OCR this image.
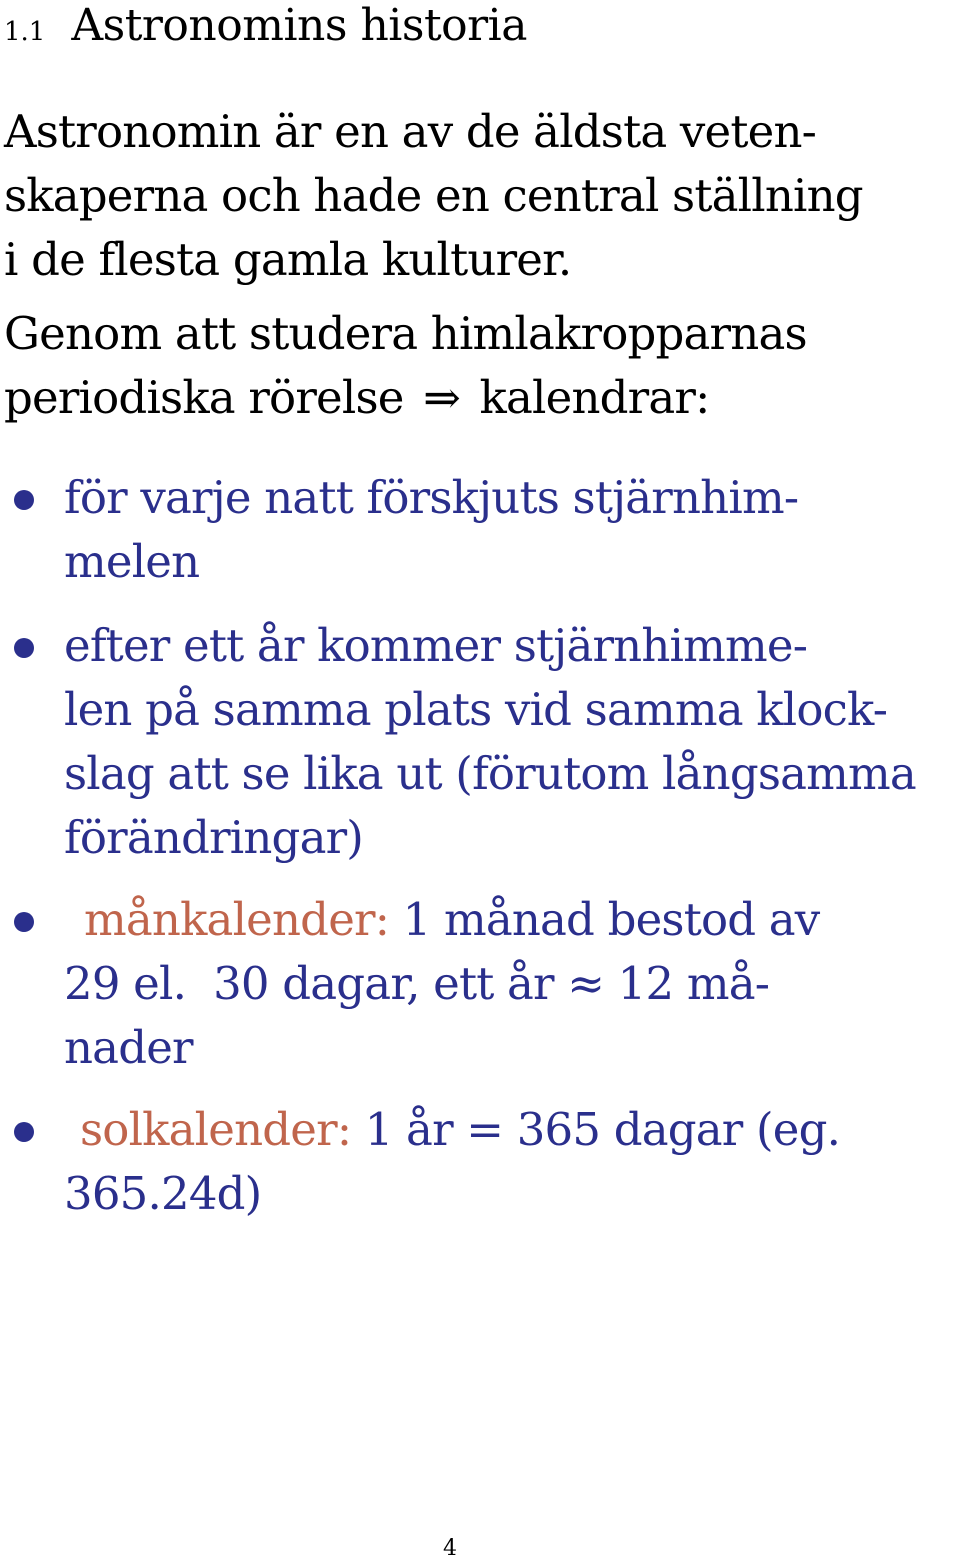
1.1 Astronomins historia
Astronomin är en av de äldsta veten-
skaperna och hade en central ställning
i de flesta gamla kulturer.
Genom att studera himlakropparnas
periodiska rörelse ⇒ kalendrar:
för varje natt förskjuts stjärnhim-
melen
efter ett år kommer stjärnhimme-
len på samma plats vid samma klock-
slag att se lika ut (förutom långsamma
förändringar)
månkalender: 1 månad bestod av
29 el.  30 dagar, ett år ≈ 12 må-
nader
solkalender: 1 år = 365 dagar (eg.
365.24d)
4
